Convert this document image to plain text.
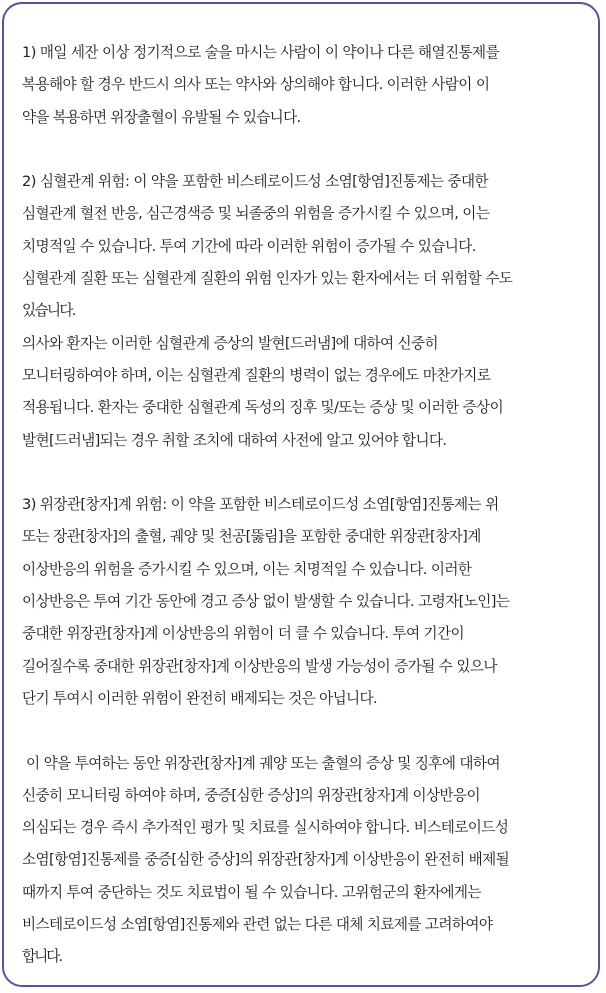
1) 매일 세잔 이상 정기적으로 술을 마시는 사람이 이 약이나 다른 해열진통제를
복용해야 할 경우 반드시 의사 또는 약사와 상의해야 합니다. 이러한 사람이 이
약을 복용하면 위장출혈이 유발될 수 있습니다.
2) 심혈관계 위험: 이 약을 포함한 비스테로이드성 소염[항염]진통제는 중대한
심혈관계 혈전 반응, 심근경색증 및 뇌졸중의 위험을 증가시킬 수 있으며, 이는
치명적일 수 있습니다. 투여 기간에 따라 이러한 위험이 증가될 수 있습니다.
심혈관계 질환 또는 심혈관계 질환의 위험 인자가 있는 환자에서는 더 위험할 수도
있습니다.
의사와 환자는 이러한 심혈관계 증상의 발현[드러냄]에 대하여 신중히
모니터링하여야 하며, 이는 심혈관계 질환의 병력이 없는 경우에도 마찬가지로
적용됩니다. 환자는 중대한 심혈관계 독성의 징후 및/또는 증상 및 이러한 증상이
발현[드러냄]되는 경우 취할 조치에 대하여 사전에 알고 있어야 합니다.
3) 위장관[창자]계 위험: 이 약을 포함한 비스테로이드성 소염[항염]진통제는 위
또는 장관[창자]의 출혈, 궤양 및 천공[뚫림]을 포함한 중대한 위장관[창자]계
이상반응의 위험을 증가시킬 수 있으며, 이는 치명적일 수 있습니다. 이러한
이상반응은 투여 기간 동안에 경고 증상 없이 발생할 수 있습니다. 고령자[노인]는
중대한 위장관[창자]계 이상반응의 위험이 더 클 수 있습니다. 투여 기간이
길어질수록 중대한 위장관[창자]계 이상반응의 발생 가능성이 증가될 수 있으나
단기 투여시 이러한 위험이 완전히 배제되는 것은 아닙니다.
이 약을 투여하는 동안 위장관[창자]계 궤양 또는 출혈의 증상 및 징후에 대하여
신중히 모니터링 하여야 하며, 중증[심한 증상]의 위장관[창자]계 이상반응이
의심되는 경우 즉시 추가적인 평가 및 치료를 실시하여야 합니다. 비스테로이드성
소염[항염]진통제를 중증[심한 증상]의 위장관[창자]계 이상반응이 완전히 배제될
때까지 투여 중단하는 것도 치료법이 될 수 있습니다. 고위험군의 환자에게는
비스테로이드성 소염[항염]진통제와 관련 없는 다른 대체 치료제를 고려하여야
합니다.
